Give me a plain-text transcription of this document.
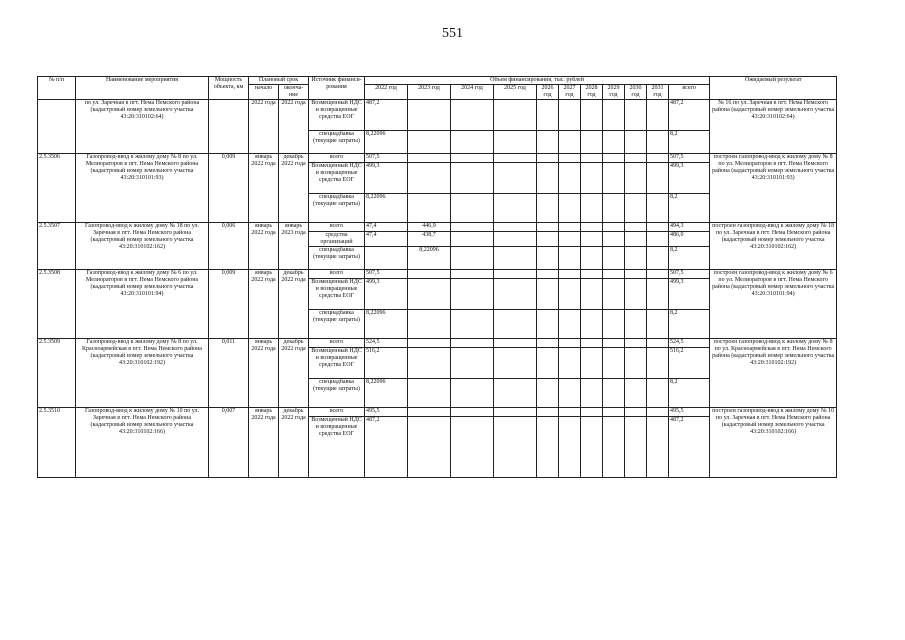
551
№ п/п	Наименование мероприятия	Мощность объекта, км	Плановый срок		Источник финанси-рования	Объем финансирования, тыс. рублей											Ожидаемый результат
			начало	оконча-ние		2022 год	2023 год	2024 год	2025 год	2026 год	2027 год	2028 год	2029 год	2030 год	2031 год	всего	

	по ул. Заречная в пгт. Нема Немского района (кадастровый номер земельного участка 43:20:310102:64)		2022 года	2022 года	Возмещенный НДС и возвращенные средства ЕОГ	487,2										487,2	№ 16 по ул. Заречная в пгт. Нема Немского района (кадастровый номер земельного участка 43:20:310102:64)
					спецнадбавка (текущие затраты)	8,22096										8,2	
2.5.3506	Газопровод-ввод к жилому дому № 8 по ул. Мелиораторов в пгт. Нема Немского района (кадастровый номер земельного участка 43:20:310101:93)	0,009	январь 2022 года	декабрь 2022 года	всего	507,5										507,5	построен газопровод-ввод к жилому дому № 8 по ул. Мелиораторов в пгт. Нема Немского района (кадастровый номер земельного участка 43:20:310101:93)
					Возмещенный НДС и возвращенные средства ЕОГ	499,3										499,3	
					спецнадбавка (текущие затраты)	8,22096										8,2	
2.5.3507	Газопровод-ввод к жилому дому № 18 по ул. Заречная в пгт. Нема Немского района (кадастровый номер земельного участка 43:20:310102:162)	0,006	январь 2022 года	январь 2023 года	всего	47,4	446,9									494,3	построен газопровод-ввод к жилому дому № 18 по ул. Заречная в пгт. Нема Немского района (кадастровый номер земельного участка 43:20:310102:162)
					средства организаций	47,4	438,7									486,0	
					спецнадбавка (текущие затраты)		8,22096									8,2	
2.5.3508	Газопровод-ввод к жилому дому № 6 по ул. Мелиораторов в пгт. Нема Немского района (кадастровый номер земельного участка 43:20:310101:94)	0,009	январь 2022 года	декабрь 2022 года	всего	507,5										507,5	построен газопровод-ввод к жилому дому № 6 по ул. Мелиораторов в пгт. Нема Немского района (кадастровый номер земельного участка 43:20:310101:94)
					Возмещенный НДС и возвращенные средства ЕОГ	499,3										499,3	
					спецнадбавка (текущие затраты)	8,22096										8,2	
2.5.3509	Газопровод-ввод к жилому дому № 8 по ул. Красноармейская в пгт. Нема Немского района (кадастровый номер земельного участка 43:20:310102:192)	0,011	январь 2022 года	декабрь 2022 года	всего	524,5										524,5	построен газопровод-ввод к жилому дому № 8 по ул. Красноармейская в пгт. Нема Немского района (кадастровый номер земельного участка 43:20:310102:192)
					Возмещенный НДС и возвращенные средства ЕОГ	516,2										516,2	
					спецнадбавка (текущие затраты)	8,22096										8,2	
2.5.3510	Газопровод-ввод к жилому дому № 10 по ул. Заречная в пгт. Нема Немского района (кадастровый номер земельного участка 43:20:310102:166)	0,007	январь 2022 года	декабрь 2022 года	всего	495,5										495,5	построен газопровод-ввод к жилому дому № 10 по ул. Заречная в пгт. Нема Немского района (кадастровый номер земельного участка 43:20:310102:166)
					Возмещенный НДС и возвращенные средства ЕОГ	487,2										487,2	
